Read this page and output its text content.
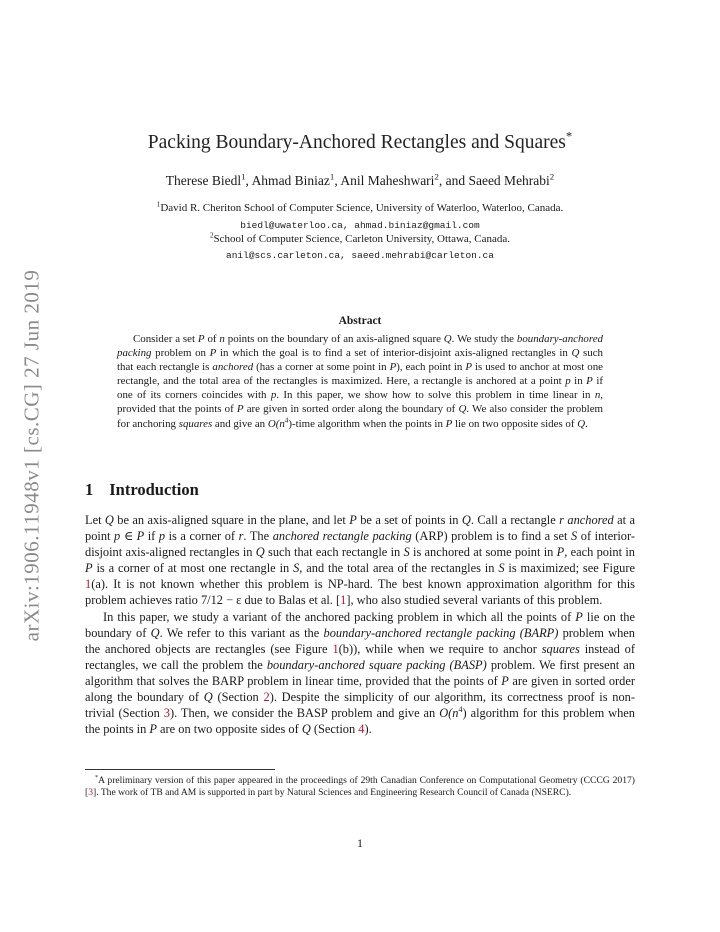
arXiv:1906.11948v1 [cs.CG] 27 Jun 2019
Packing Boundary-Anchored Rectangles and Squares*
Therese Biedl$^1$, Ahmad Biniaz$^1$, Anil Maheshwari$^2$, and Saeed Mehrabi$^2$
$^1$David R. Cheriton School of Computer Science, University of Waterloo, Waterloo, Canada.
biedl@uwaterloo.ca, ahmad.biniaz@gmail.com
$^2$School of Computer Science, Carleton University, Ottawa, Canada.
anil@scs.carleton.ca, saeed.mehrabi@carleton.ca
Abstract
Consider a set P of n points on the boundary of an axis-aligned square Q. We study the boundary-anchored packing problem on P in which the goal is to find a set of interior-disjoint axis-aligned rectangles in Q such that each rectangle is anchored (has a corner at some point in P), each point in P is used to anchor at most one rectangle, and the total area of the rectangles is maximized. Here, a rectangle is anchored at a point p in P if one of its corners coincides with p. In this paper, we show how to solve this problem in time linear in n, provided that the points of P are given in sorted order along the boundary of Q. We also consider the problem for anchoring squares and give an $O(n^4)$-time algorithm when the points in P lie on two opposite sides of Q.
1 Introduction

Let Q be an axis-aligned square in the plane, and let P be a set of points in Q. Call a rectangle r anchored at a point p ∈ P if p is a corner of r. The anchored rectangle packing (ARP) problem is to find a set S of interior-disjoint axis-aligned rectangles in Q such that each rectangle in S is anchored at some point in P, each point in P is a corner of at most one rectangle in S, and the total area of the rectangles in S is maximized; see Figure 1(a). It is not known whether this problem is NP-hard. The best known approximation algorithm for this problem achieves ratio 7/12 − ε due to Balas et al. [1], who also studied several variants of this problem.

In this paper, we study a variant of the anchored packing problem in which all the points of P lie on the boundary of Q. We refer to this variant as the boundary-anchored rectangle packing (BARP) problem when the anchored objects are rectangles (see Figure 1(b)), while when we require to anchor squares instead of rectangles, we call the problem the boundary-anchored square packing (BASP) problem. We first present an algorithm that solves the BARP problem in linear time, provided that the points of P are given in sorted order along the boundary of Q (Section 2). Despite the simplicity of our algorithm, its correctness proof is non-trivial (Section 3). Then, we consider the BASP problem and give an $O(n^4)$ algorithm for this problem when the points in P are on two opposite sides of Q (Section 4).

*A preliminary version of this paper appeared in the proceedings of 29th Canadian Conference on Computational Geometry (CCCG 2017) [3]. The work of TB and AM is supported in part by Natural Sciences and Engineering Research Council of Canada (NSERC).
1
